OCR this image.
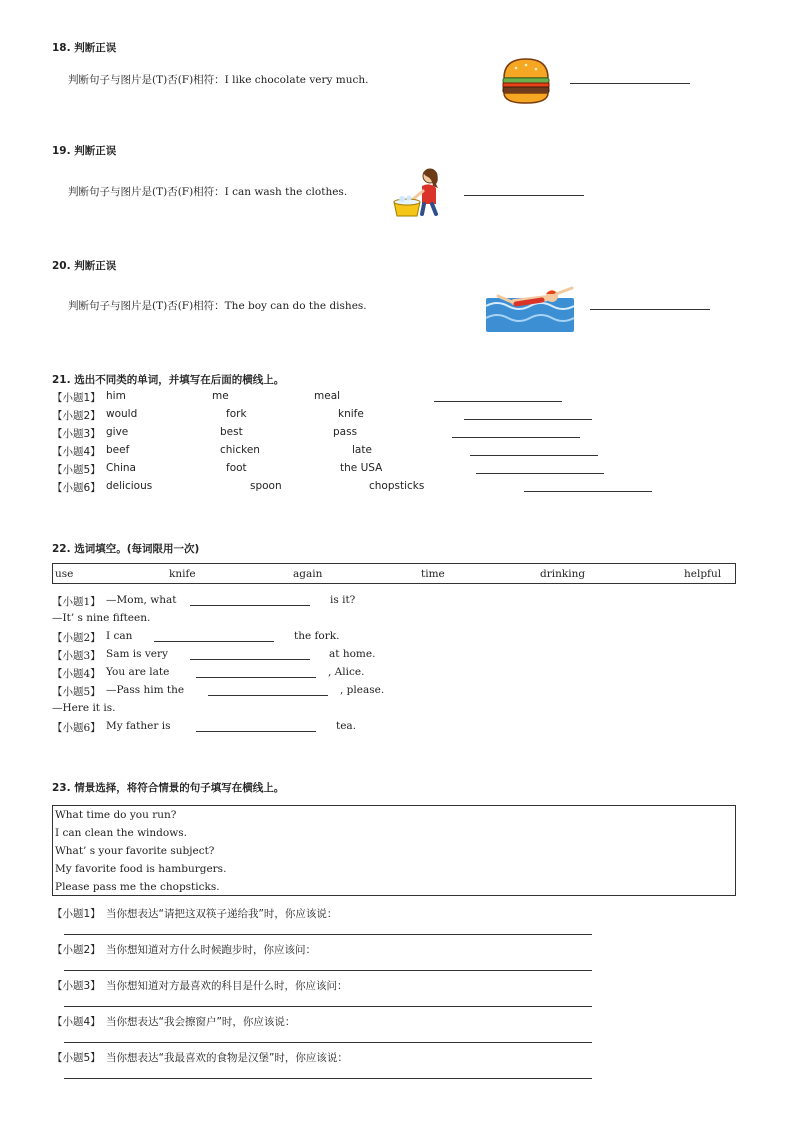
18. 判断正误
判断句子与图片是(T)否(F)相符：I like chocolate very much.
19. 判断正误
判断句子与图片是(T)否(F)相符：I can wash the clothes.
20. 判断正误
判断句子与图片是(T)否(F)相符：The boy can do the dishes.
21. 选出不同类的单词，并填写在后面的横线上。
【小题1】 him	me	meal
【小题2】 would	fork	knife
【小题3】 give	best	pass
【小题4】 beef	chicken	late
【小题5】 China	foot	the USA
【小题6】 delicious	spoon	chopsticks
22. 选词填空。(每词限用一次)
use	knife	again	time	drinking	helpful
【小题1】 —Mom, what	is it?
—It’ s nine fifteen.
【小题2】 I can	the fork.
【小题3】 Sam is very	at home.
【小题4】 You are late	, Alice.
【小题5】 —Pass him the	, please.
—Here it is.
【小题6】 My father is	tea.
23. 情景选择，将符合情景的句子填写在横线上。
What time do you run?
I can clean the windows.
What’ s your favorite subject?
My favorite food is hamburgers.
Please pass me the chopsticks.
【小题1】 当你想表达“请把这双筷子递给我”时，你应该说：
【小题2】 当你想知道对方什么时候跑步时，你应该问：
【小题3】 当你想知道对方最喜欢的科目是什么时，你应该问：
【小题4】 当你想表达“我会擦窗户”时，你应该说：
【小题5】 当你想表达“我最喜欢的食物是汉堡”时，你应该说：
